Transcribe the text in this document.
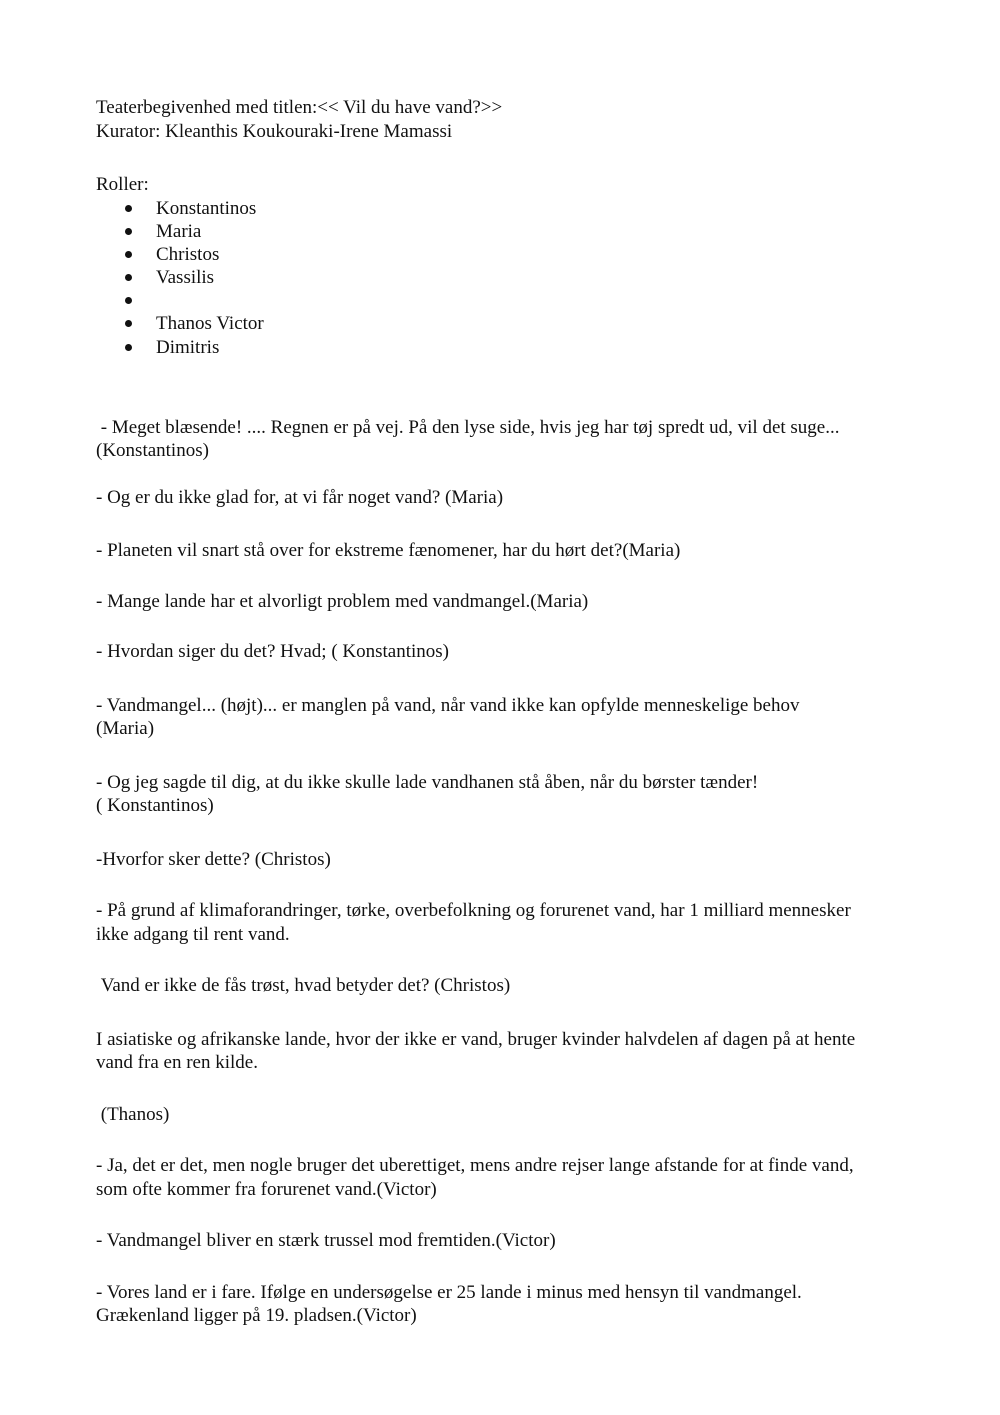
Teaterbegivenhed med titlen:<< Vil du have vand?>>

Kurator: Kleanthis Koukouraki-Irene Mamassi

Roller:

Konstantinos
Maria
Christos
Vassilis
Thanos Victor
Dimitris
- Meget blæsende! .... Regnen er på vej. På den lyse side, hvis jeg har tøj spredt ud, vil det suge...
(Konstantinos)
- Og er du ikke glad for, at vi får noget vand? (Maria)
- Planeten vil snart stå over for ekstreme fænomener, har du hørt det?(Maria)
- Mange lande har et alvorligt problem med vandmangel.(Maria)
- Hvordan siger du det? Hvad; ( Konstantinos)
- Vandmangel... (højt)... er manglen på vand, når vand ikke kan opfylde menneskelige behov
(Maria)
- Og jeg sagde til dig, at du ikke skulle lade vandhanen stå åben, når du børster tænder!
( Konstantinos)
-Hvorfor sker dette? (Christos)
- På grund af klimaforandringer, tørke, overbefolkning og forurenet vand, har 1 milliard mennesker
ikke adgang til rent vand.
Vand er ikke de fås trøst, hvad betyder det? (Christos)
I asiatiske og afrikanske lande, hvor der ikke er vand, bruger kvinder halvdelen af dagen på at hente
vand fra en ren kilde.
(Thanos)
- Ja, det er det, men nogle bruger det uberettiget, mens andre rejser lange afstande for at finde vand,
som ofte kommer fra forurenet vand.(Victor)
- Vandmangel bliver en stærk trussel mod fremtiden.(Victor)
- Vores land er i fare. Ifølge en undersøgelse er 25 lande i minus med hensyn til vandmangel.
Grækenland ligger på 19. pladsen.(Victor)
